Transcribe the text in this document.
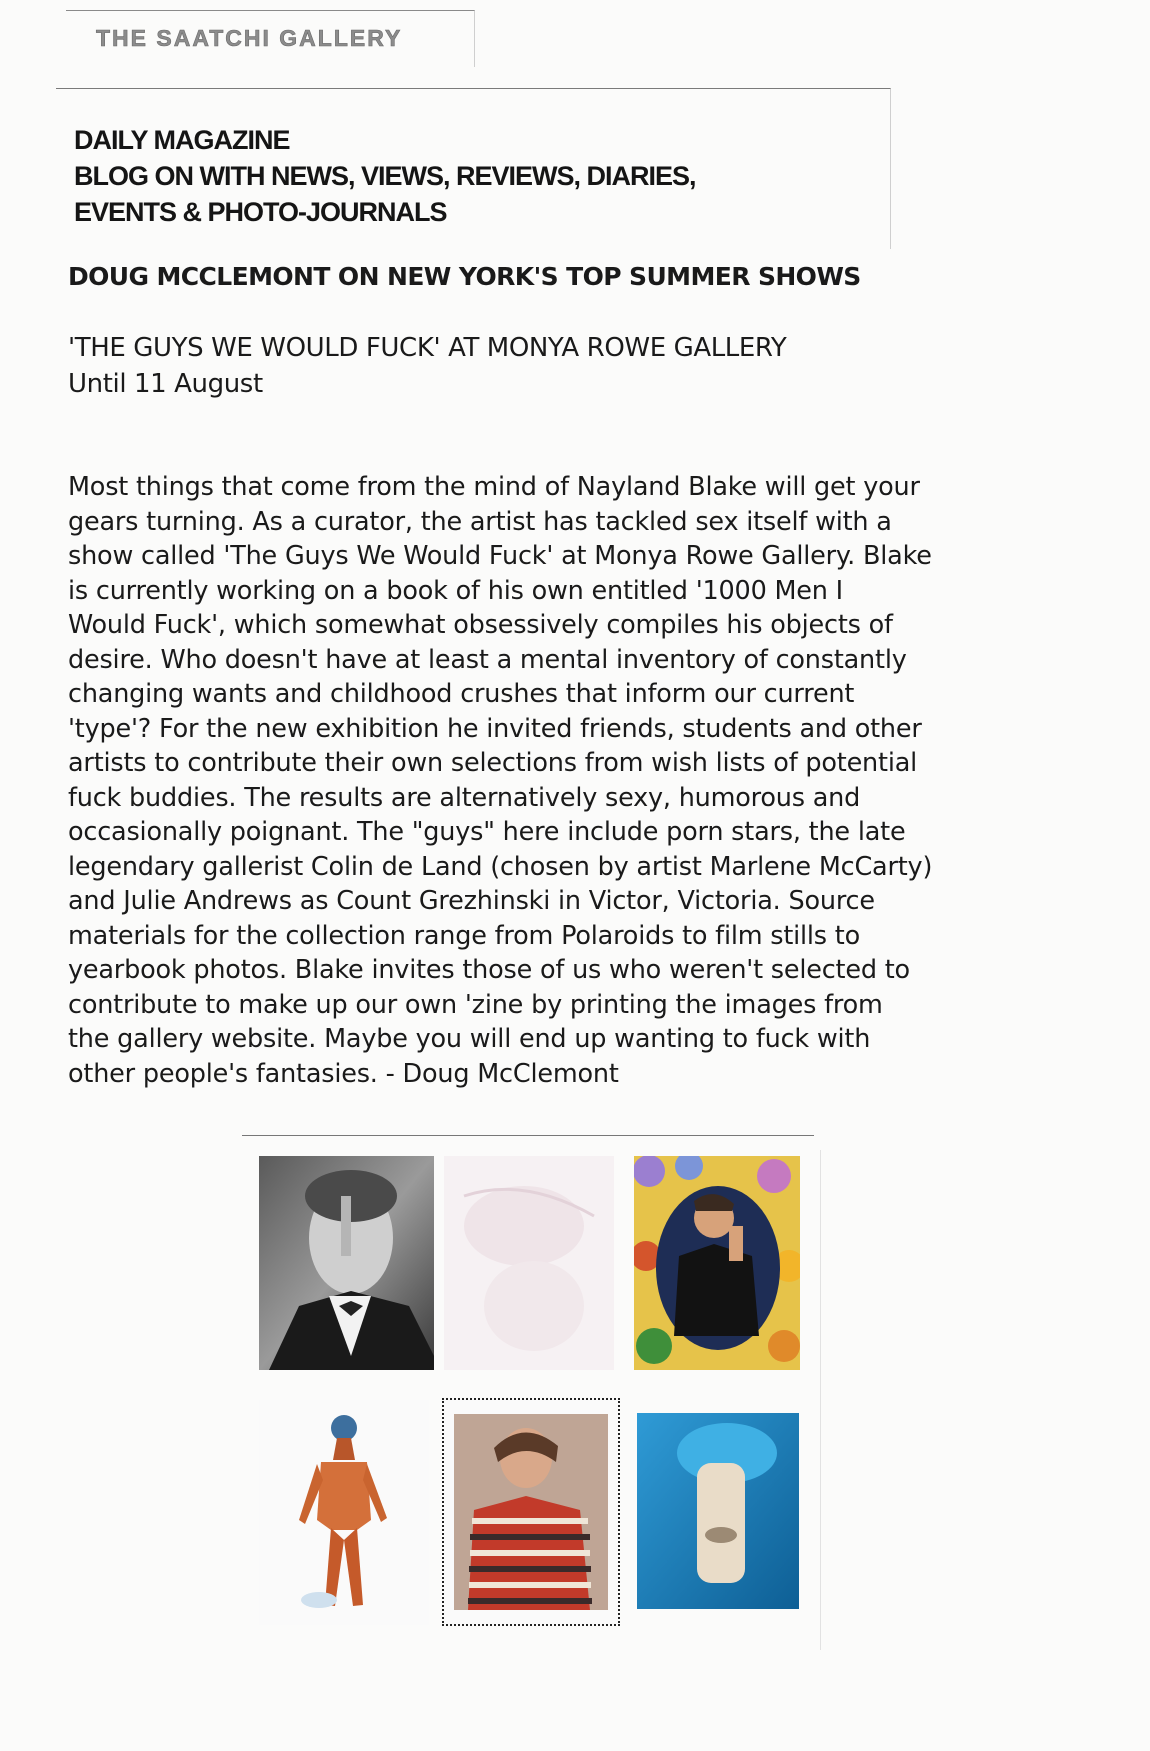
THE SAATCHI GALLERY
DAILY MAGAZINE
BLOG ON WITH NEWS, VIEWS, REVIEWS, DIARIES,
EVENTS & PHOTO-JOURNALS
DOUG MCCLEMONT ON NEW YORK'S TOP SUMMER SHOWS
'THE GUYS WE WOULD FUCK' AT MONYA ROWE GALLERY
Until 11 August
Most things that come from the mind of Nayland Blake will get your
gears turning. As a curator, the artist has tackled sex itself with a
show called 'The Guys We Would Fuck' at Monya Rowe Gallery. Blake
is currently working on a book of his own entitled '1000 Men I
Would Fuck', which somewhat obsessively compiles his objects of
desire. Who doesn't have at least a mental inventory of constantly
changing wants and childhood crushes that inform our current
'type'? For the new exhibition he invited friends, students and other
artists to contribute their own selections from wish lists of potential
fuck buddies. The results are alternatively sexy, humorous and
occasionally poignant. The "guys" here include porn stars, the late
legendary gallerist Colin de Land (chosen by artist Marlene McCarty)
and Julie Andrews as Count Grezhinski in Victor, Victoria. Source
materials for the collection range from Polaroids to film stills to
yearbook photos. Blake invites those of us who weren't selected to
contribute to make up our own 'zine by printing the images from
the gallery website. Maybe you will end up wanting to fuck with
other people's fantasies. - Doug McClemont
